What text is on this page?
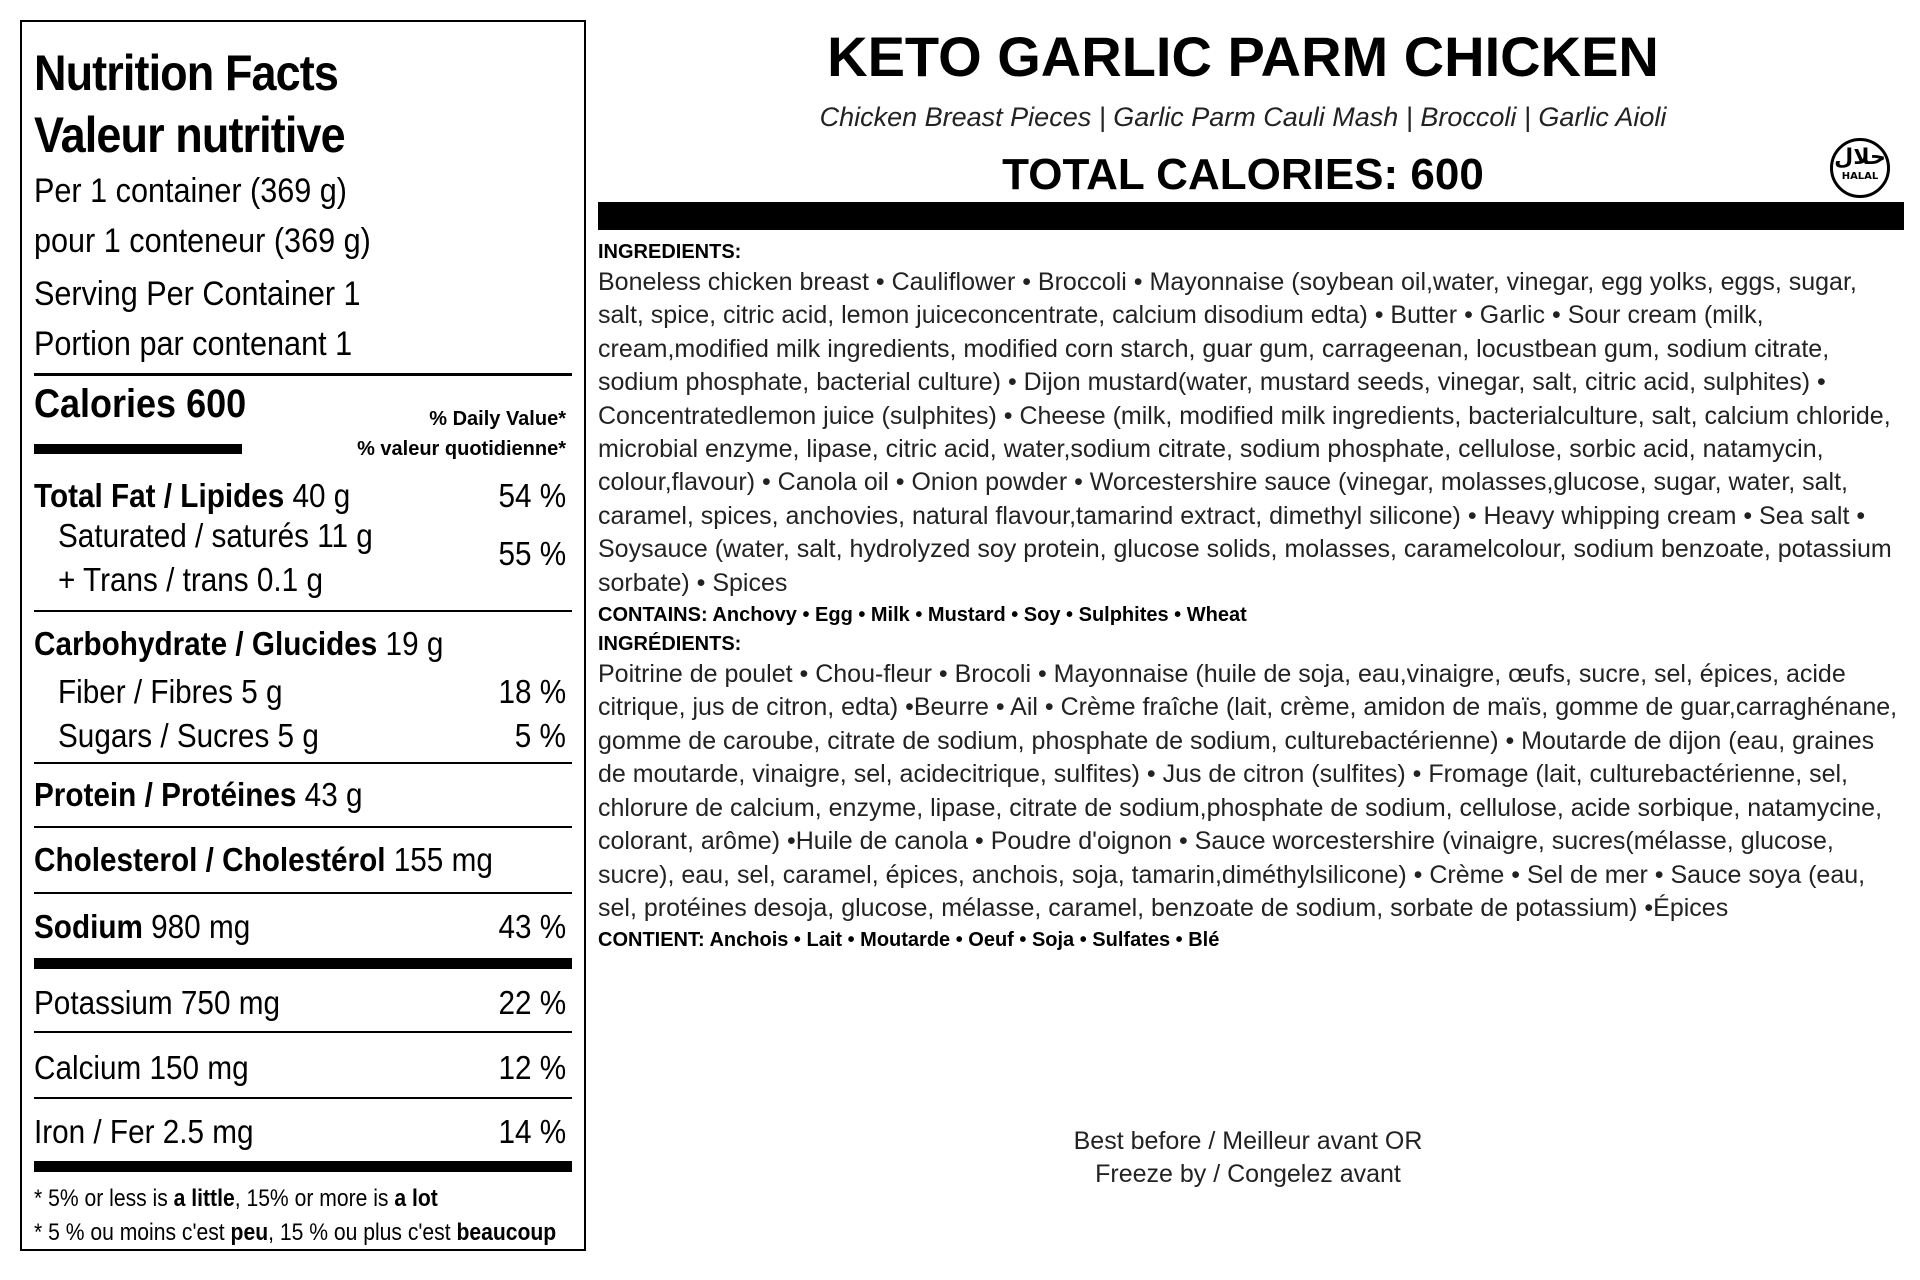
Nutrition Facts
Valeur nutritive
Per 1 container (369 g)
pour 1 conteneur (369 g)
Serving Per Container 1
Portion par contenant 1
Calories 600	% Daily Value*
% valeur quotidienne*
Total Fat / Lipides 40 g	54 %
Saturated / saturés 11 g
+ Trans / trans 0.1 g
55 %
Carbohydrate / Glucides 19 g
Fiber / Fibres 5 g	18 %
Sugars / Sucres 5 g	5 %
Protein / Protéines 43 g
Cholesterol / Cholestérol 155 mg
Sodium 980 mg	43 %
Potassium 750 mg	22 %
Calcium 150 mg	12 %
Iron / Fer 2.5 mg	14 %
* 5% or less is a little, 15% or more is a lot
* 5 % ou moins c'est peu, 15 % ou plus c'est beaucoup
KETO GARLIC PARM CHICKEN
Chicken Breast Pieces | Garlic Parm Cauli Mash | Broccoli | Garlic Aioli
TOTAL CALORIES: 600	حلال
HALAL
INGREDIENTS:

Boneless chicken breast • Cauliflower • Broccoli • Mayonnaise (soybean oil,water, vinegar, egg yolks, eggs, sugar, salt, spice, citric acid, lemon juiceconcentrate, calcium disodium edta) • Butter • Garlic • Sour cream (milk, cream,modified milk ingredients, modified corn starch, guar gum, carrageenan, locustbean gum, sodium citrate, sodium phosphate, bacterial culture) • Dijon mustard(water, mustard seeds, vinegar, salt, citric acid, sulphites) • Concentratedlemon juice (sulphites) • Cheese (milk, modified milk ingredients, bacterialculture, salt, calcium chloride, microbial enzyme, lipase, citric acid, water,sodium citrate, sodium phosphate, cellulose, sorbic acid, natamycin, colour,flavour) • Canola oil • Onion powder • Worcestershire sauce (vinegar, molasses,glucose, sugar, water, salt, caramel, spices, anchovies, natural flavour,tamarind extract, dimethyl silicone) • Heavy whipping cream • Sea salt • Soysauce (water, salt, hydrolyzed soy protein, glucose solids, molasses, caramelcolour, sodium benzoate, potassium sorbate) • Spices

CONTAINS: Anchovy • Egg • Milk • Mustard • Soy • Sulphites • Wheat
INGRÉDIENTS:

Poitrine de poulet • Chou-fleur • Brocoli • Mayonnaise (huile de soja, eau,vinaigre, œufs, sucre, sel, épices, acide citrique, jus de citron, edta) •Beurre • Ail • Crème fraîche (lait, crème, amidon de maïs, gomme de guar,carraghénane, gomme de caroube, citrate de sodium, phosphate de sodium, culturebactérienne) • Moutarde de dijon (eau, graines de moutarde, vinaigre, sel, acidecitrique, sulfites) • Jus de citron (sulfites) • Fromage (lait, culturebactérienne, sel, chlorure de calcium, enzyme, lipase, citrate de sodium,phosphate de sodium, cellulose, acide sorbique, natamycine, colorant, arôme) •Huile de canola • Poudre d'oignon • Sauce worcestershire (vinaigre, sucres(mélasse, glucose, sucre), eau, sel, caramel, épices, anchois, soja, tamarin,diméthylsilicone) • Crème • Sel de mer • Sauce soya (eau, sel, protéines desoja, glucose, mélasse, caramel, benzoate de sodium, sorbate de potassium) •Épices

CONTIENT: Anchois • Lait • Moutarde • Oeuf • Soja • Sulfates • Blé
Best before / Meilleur avant OR
Freeze by / Congelez avant
